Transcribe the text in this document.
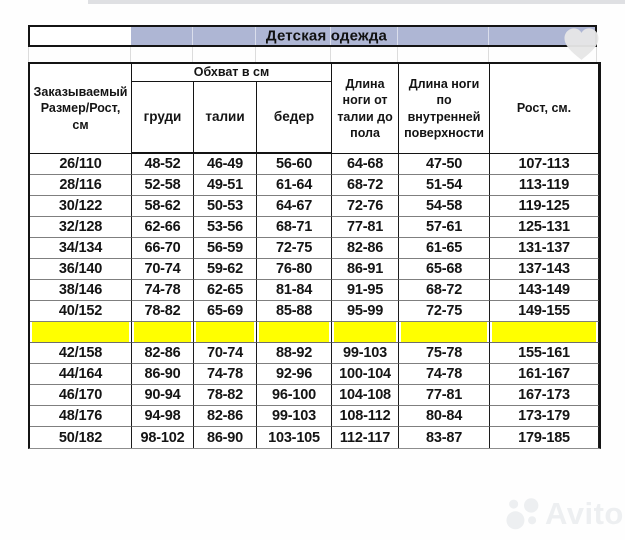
Детская одежда
Заказываемый Размер/Рост, см	Обхват в см			Длина ноги от талии до пола	Длина ноги по внутренней поверхности	Рост, см.
	груди	талии	бедер			
26/110	48-52	46-49	56-60	64-68	47-50	107-113
28/116	52-58	49-51	61-64	68-72	51-54	113-119
30/122	58-62	50-53	64-67	72-76	54-58	119-125
32/128	62-66	53-56	68-71	77-81	57-61	125-131
34/134	66-70	56-59	72-75	82-86	61-65	131-137
36/140	70-74	59-62	76-80	86-91	65-68	137-143
38/146	74-78	62-65	81-84	91-95	68-72	143-149
40/152	78-82	65-69	85-88	95-99	72-75	149-155

42/158	82-86	70-74	88-92	99-103	75-78	155-161
44/164	86-90	74-78	92-96	100-104	74-78	161-167
46/170	90-94	78-82	96-100	104-108	77-81	167-173
48/176	94-98	82-86	99-103	108-112	80-84	173-179
50/182	98-102	86-90	103-105	112-117	83-87	179-185
Avito
